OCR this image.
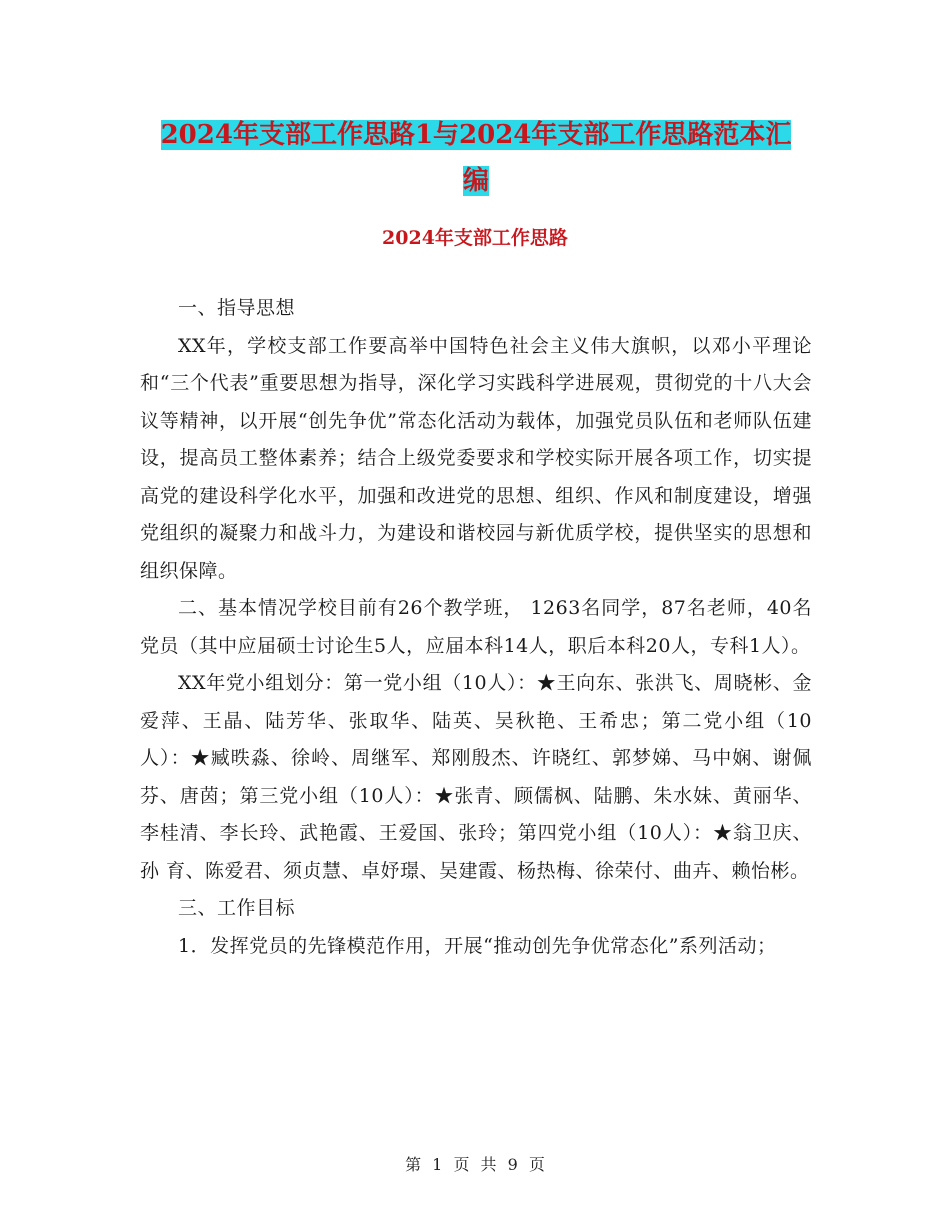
2024年支部工作思路1与2024年支部工作思路范本汇
编
2024年支部工作思路

一、指导思想

XX年，学校支部工作要高举中国特色社会主义伟大旗帜，以邓小平理论和“三个代表”重要思想为指导，深化学习实践科学进展观，贯彻党的十八大会议等精神，以开展“创先争优”常态化活动为载体，加强党员队伍和老师队伍建设，提高员工整体素养；结合上级党委要求和学校实际开展各项工作，切实提高党的建设科学化水平，加强和改进党的思想、组织、作风和制度建设，增强党组织的凝聚力和战斗力，为建设和谐校园与新优质学校，提供坚实的思想和组织保障。

二、基本情况学校目前有26个教学班， 1263名同学，87名老师，40名党员（其中应届硕士讨论生5人，应届本科14人，职后本科20人，专科1人）。

XX年党小组划分：第一党小组（10人）：★王向东、张洪飞、周晓彬、金爱萍、王晶、陆芳华、张取华、陆英、吴秋艳、王希忠；第二党小组（10人）：★臧昳淼、徐岭、周继军、郑刚殷杰、许晓红、郭梦娣、马中娴、谢佩芬、唐茵；第三党小组（10人）：★张青、顾儒枫、陆鹏、朱水妹、黄丽华、李桂清、李长玲、武艳霞、王爱国、张玲；第四党小组（10人）：★翁卫庆、孙 育、陈爱君、须贞慧、卓妤璟、吴建霞、杨热梅、徐荣付、曲卉、赖怡彬。

三、工作目标

1．发挥党员的先锋模范作用，开展“推动创先争优常态化”系列活动；

第 1 页 共 9 页
